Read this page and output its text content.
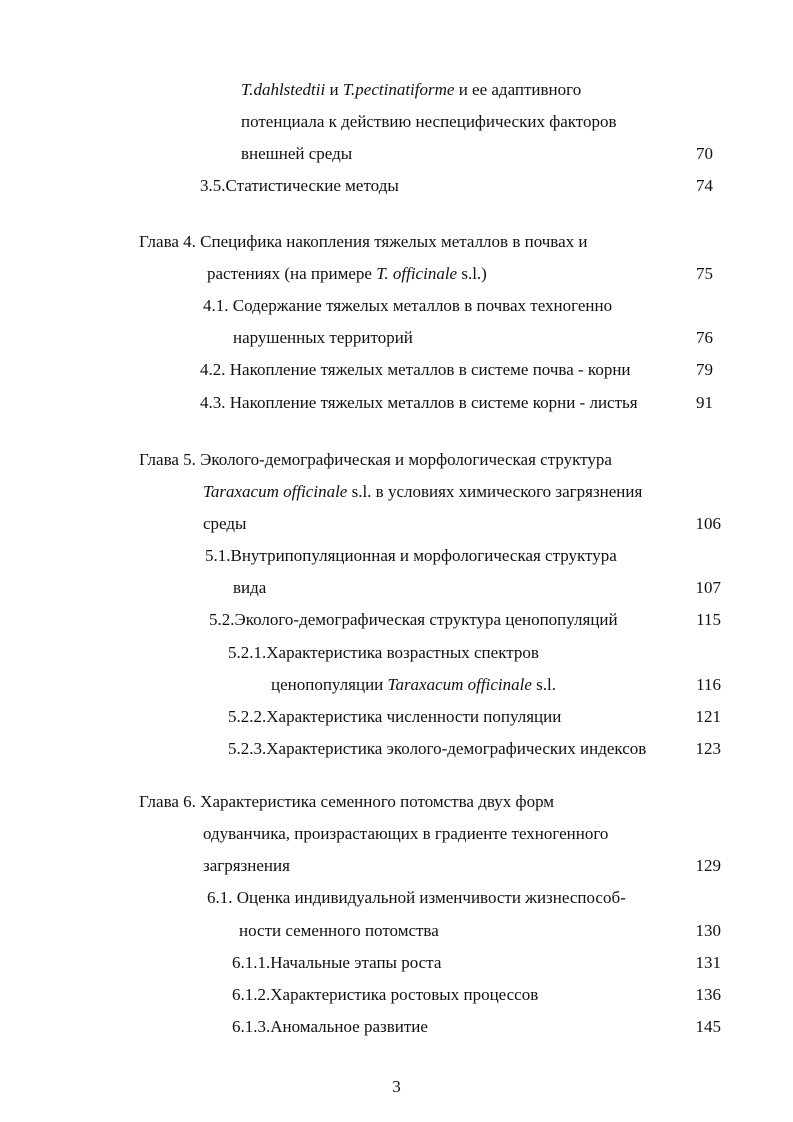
T.dahlstedtii и T.pectinatiforme и ее адаптивного
потенциала к действию неспецифических факторов
внешней среды	70
3.5.Статистические методы	74
Глава 4. Специфика накопления тяжелых металлов в почвах и
растениях (на примере T. officinale s.l.)	75
4.1. Содержание тяжелых металлов в почвах техногенно
нарушенных территорий	76
4.2. Накопление тяжелых металлов в системе почва - корни	79
4.3. Накопление тяжелых металлов в системе корни - листья	91
Глава 5. Эколого-демографическая и морфологическая структура
Taraxacum officinale s.l. в условиях химического загрязнения
среды	106
5.1.Внутрипопуляционная и морфологическая структура
вида	107
5.2.Эколого-демографическая структура ценопопуляций	115
5.2.1.Характеристика возрастных спектров
ценопопуляции Taraxacum officinale s.l.	116
5.2.2.Характеристика численности популяции	121
5.2.3.Характеристика эколого-демографических индексов	123
Глава 6. Характеристика семенного потомства двух форм
одуванчика, произрастающих в градиенте техногенного
загрязнения	129
6.1. Оценка индивидуальной изменчивости жизнеспособ-
ности семенного потомства	130
6.1.1.Начальные этапы роста	131
6.1.2.Характеристика ростовых процессов	136
6.1.3.Аномальное развитие	145
3
